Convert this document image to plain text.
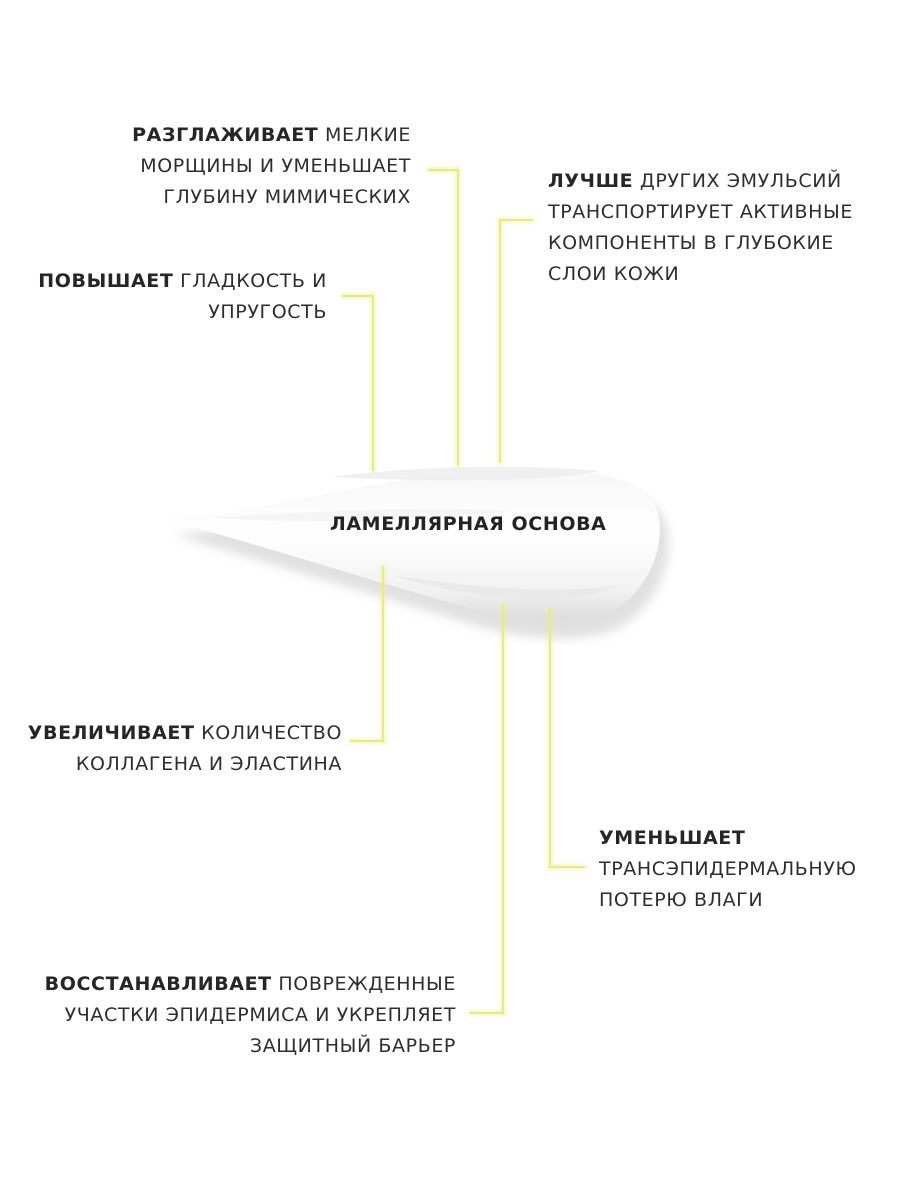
ЛАМЕЛЛЯРНАЯ ОСНОВА
РАЗГЛАЖИВАЕТ МЕЛКИЕ
МОРЩИНЫ И УМЕНЬШАЕТ
ГЛУБИНУ МИМИЧЕСКИХ
ПОВЫШАЕТ ГЛАДКОСТЬ И
УПРУГОСТЬ
ЛУЧШЕ ДРУГИХ ЭМУЛЬСИЙ
ТРАНСПОРТИРУЕТ АКТИВНЫЕ
КОМПОНЕНТЫ В ГЛУБОКИЕ
СЛОИ КОЖИ
УВЕЛИЧИВАЕТ КОЛИЧЕСТВО
КОЛЛАГЕНА И ЭЛАСТИНА
УМЕНЬШАЕТ
ТРАНСЭПИДЕРМАЛЬНУЮ
ПОТЕРЮ ВЛАГИ
ВОССТАНАВЛИВАЕТ ПОВРЕЖДЕННЫЕ
УЧАСТКИ ЭПИДЕРМИСА И УКРЕПЛЯЕТ
ЗАЩИТНЫЙ БАРЬЕР
